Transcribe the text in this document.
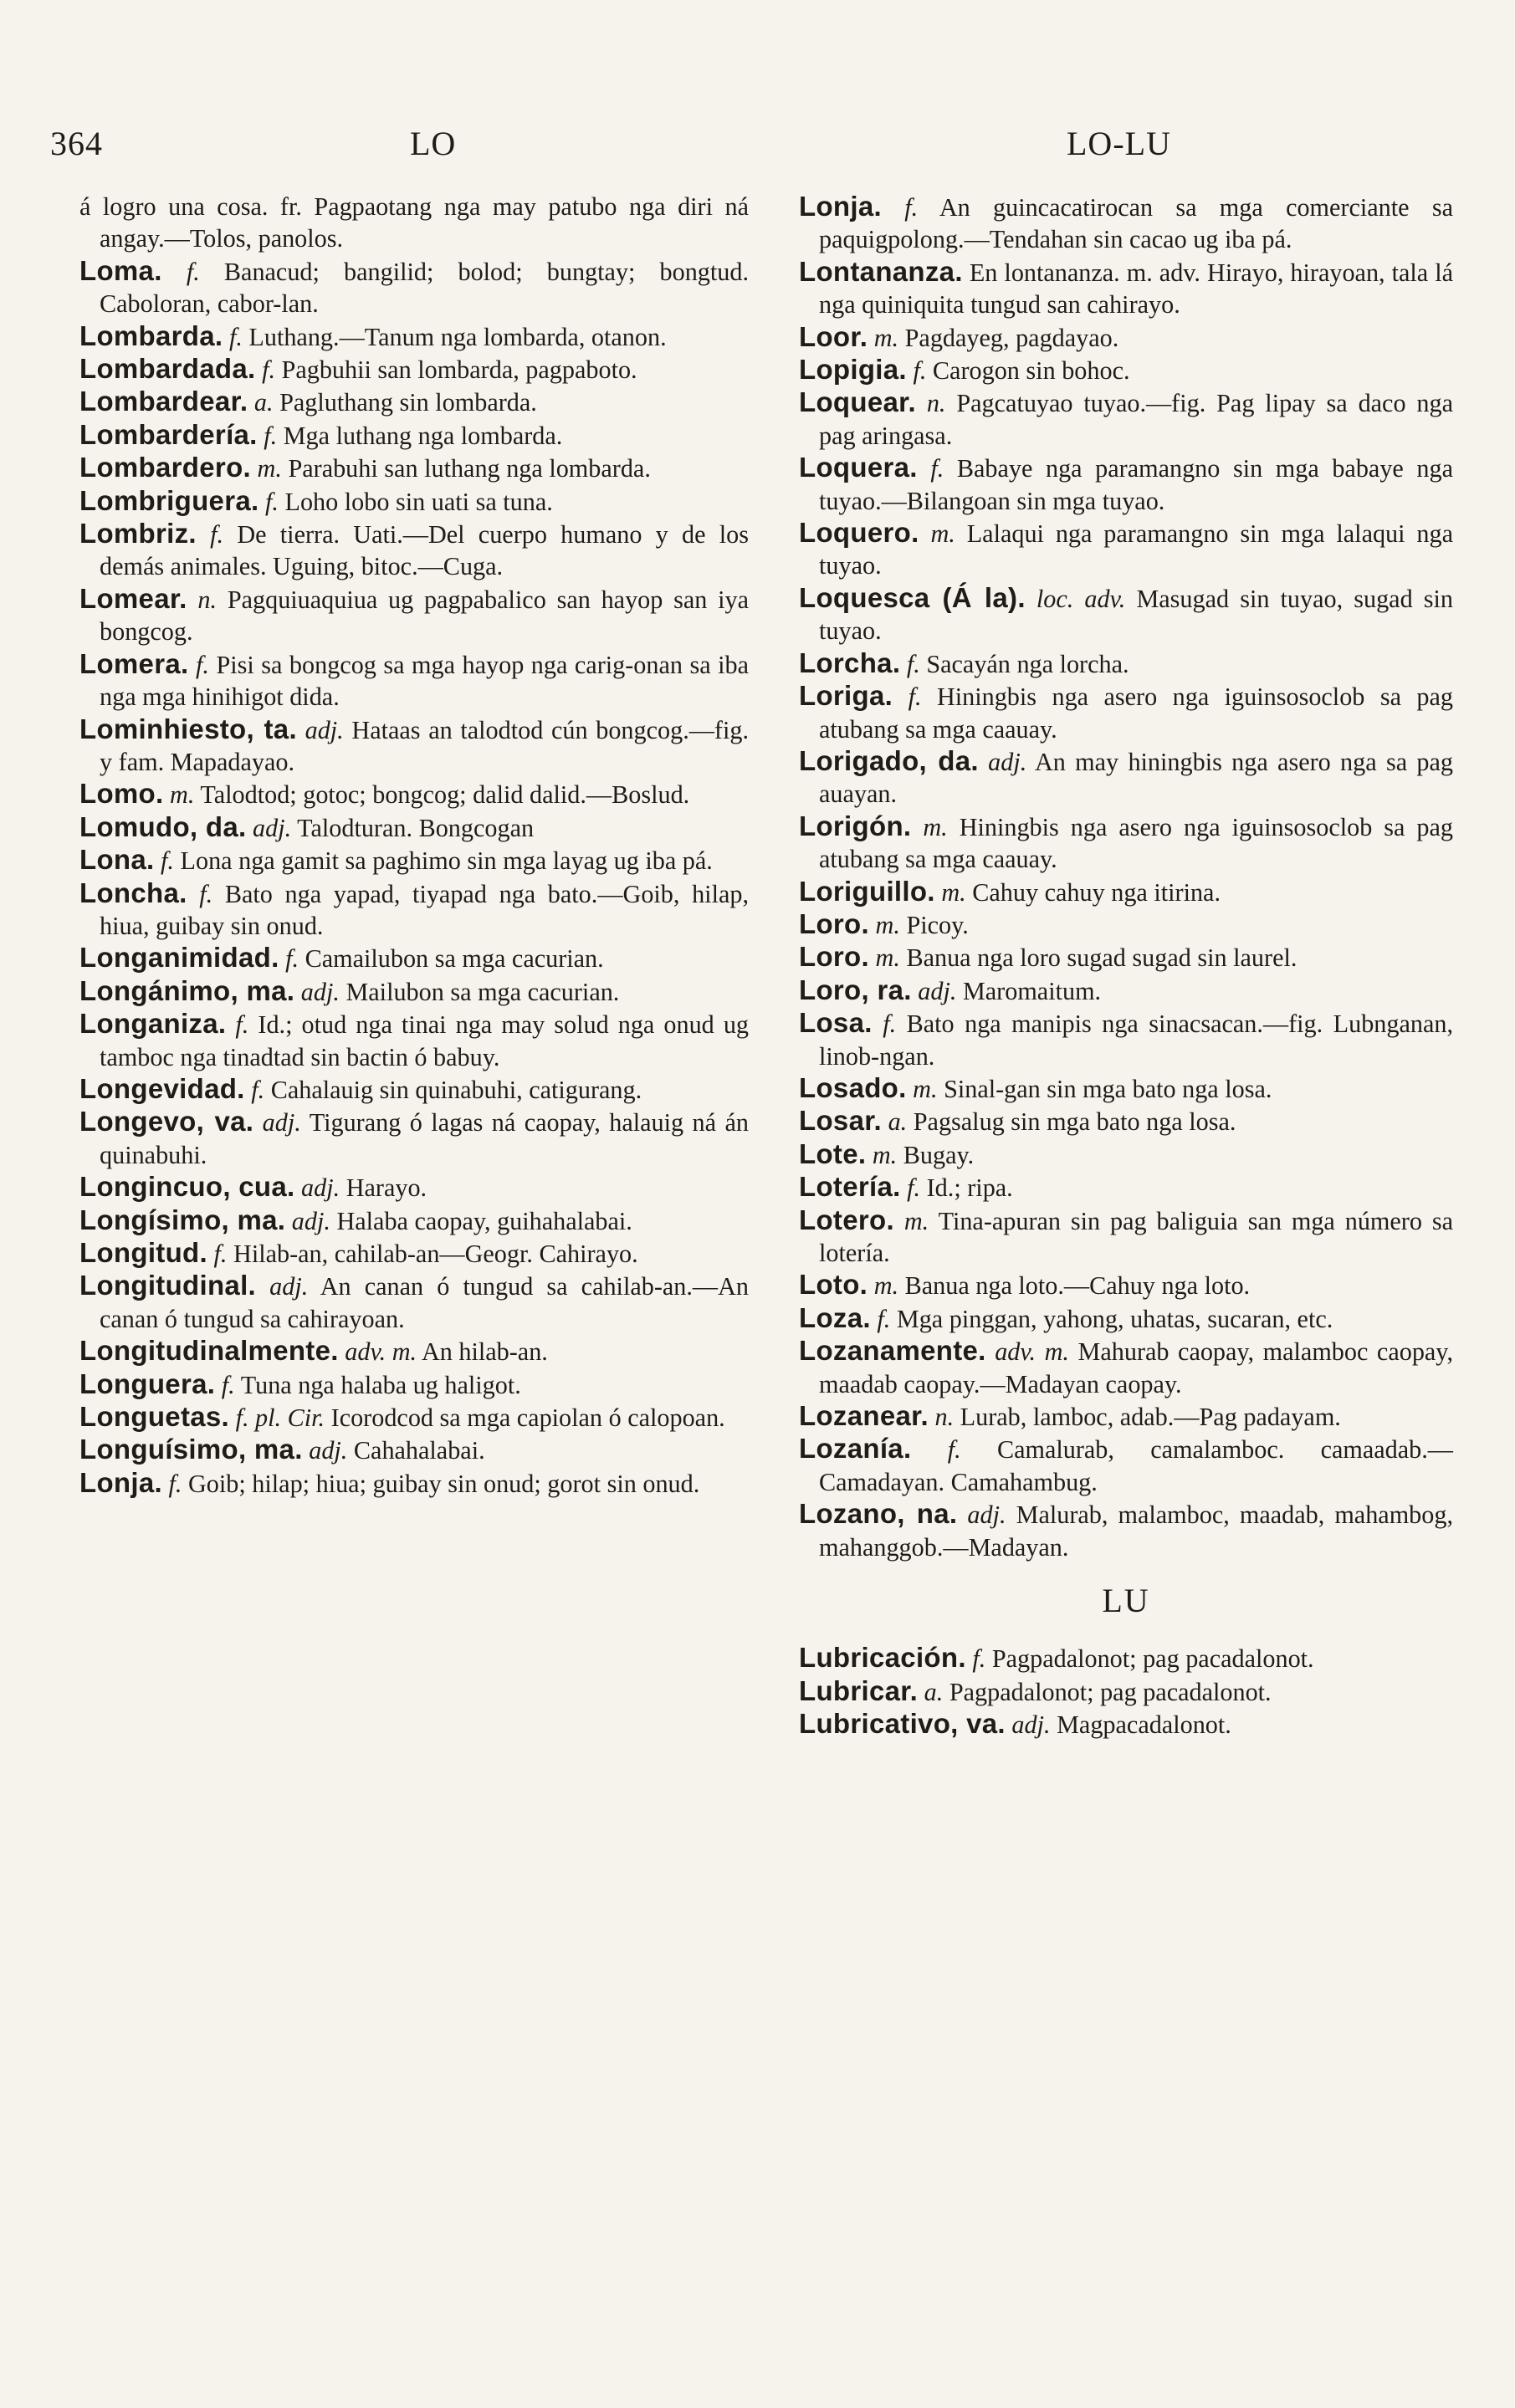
364	LO	LO-LU

á logro una cosa. fr. Pagpaotang nga may patubo nga diri ná angay.—Tolos, panolos.

Loma. f. Banacud; bangilid; bolod; bungtay; bongtud. Caboloran, cabor-lan.

Lombarda. f. Luthang.—Tanum nga lombarda, otanon.

Lombardada. f. Pagbuhii san lombarda, pagpaboto.

Lombardear. a. Pagluthang sin lombarda.

Lombardería. f. Mga luthang nga lombarda.

Lombardero. m. Parabuhi san luthang nga lombarda.

Lombriguera. f. Loho lobo sin uati sa tuna.

Lombriz. f. De tierra. Uati.—Del cuerpo humano y de los demás animales. Uguing, bitoc.—Cuga.

Lomear. n. Pagquiuaquiua ug pagpabalico san hayop san iya bongcog.

Lomera. f. Pisi sa bongcog sa mga hayop nga carig-onan sa iba nga mga hinihigot dida.

Lominhiesto, ta. adj. Hataas an talodtod cún bongcog.—fig. y fam. Mapadayao.

Lomo. m. Talodtod; gotoc; bongcog; dalid dalid.—Boslud.

Lomudo, da. adj. Talodturan. Bongcogan

Lona. f. Lona nga gamit sa paghimo sin mga layag ug iba pá.

Loncha. f. Bato nga yapad, tiyapad nga bato.—Goib, hilap, hiua, guibay sin onud.

Longanimidad. f. Camailubon sa mga cacurian.

Longánimo, ma. adj. Mailubon sa mga cacurian.

Longaniza. f. Id.; otud nga tinai nga may solud nga onud ug tamboc nga tinadtad sin bactin ó babuy.

Longevidad. f. Cahalauig sin quinabuhi, catigurang.

Longevo, va. adj. Tigurang ó lagas ná caopay, halauig ná án quinabuhi.

Longincuo, cua. adj. Harayo.

Longísimo, ma. adj. Halaba caopay, guihahalabai.

Longitud. f. Hilab-an, cahilab-an—Geogr. Cahirayo.

Longitudinal. adj. An canan ó tungud sa cahilab-an.—An canan ó tungud sa cahirayoan.

Longitudinalmente. adv. m. An hilab-an.

Longuera. f. Tuna nga halaba ug haligot.

Longuetas. f. pl. Cir. Icorodcod sa mga capiolan ó calopoan.

Longuísimo, ma. adj. Cahahalabai.

Lonja. f. Goib; hilap; hiua; guibay sin onud; gorot sin onud.

Lonja. f. An guincacatirocan sa mga comerciante sa paquigpolong.—Tendahan sin cacao ug iba pá.

Lontananza. En lontananza. m. adv. Hirayo, hirayoan, tala lá nga quiniquita tungud san cahirayo.

Loor. m. Pagdayeg, pagdayao.

Lopigia. f. Carogon sin bohoc.

Loquear. n. Pagcatuyao tuyao.—fig. Pag lipay sa daco nga pag aringasa.

Loquera. f. Babaye nga paramangno sin mga babaye nga tuyao.—Bilangoan sin mga tuyao.

Loquero. m. Lalaqui nga paramangno sin mga lalaqui nga tuyao.

Loquesca (Á la). loc. adv. Masugad sin tuyao, sugad sin tuyao.

Lorcha. f. Sacayán nga lorcha.

Loriga. f. Hiningbis nga asero nga iguinsosoclob sa pag atubang sa mga caauay.

Lorigado, da. adj. An may hiningbis nga asero nga sa pag auayan.

Lorigón. m. Hiningbis nga asero nga iguinsosoclob sa pag atubang sa mga caauay.

Loriguillo. m. Cahuy cahuy nga itirina.

Loro. m. Picoy.

Loro. m. Banua nga loro sugad sugad sin laurel.

Loro, ra. adj. Maromaitum.

Losa. f. Bato nga manipis nga sinacsacan.—fig. Lubnganan, linob-ngan.

Losado. m. Sinal-gan sin mga bato nga losa.

Losar. a. Pagsalug sin mga bato nga losa.

Lote. m. Bugay.

Lotería. f. Id.; ripa.

Lotero. m. Tina-apuran sin pag baliguia san mga número sa lotería.

Loto. m. Banua nga loto.—Cahuy nga loto.

Loza. f. Mga pinggan, yahong, uhatas, sucaran, etc.

Lozanamente. adv. m. Mahurab caopay, malamboc caopay, maadab caopay.—Madayan caopay.

Lozanear. n. Lurab, lamboc, adab.—Pag padayam.

Lozanía. f. Camalurab, camalamboc. camaadab.—Camadayan. Camahambug.

Lozano, na. adj. Malurab, malamboc, maadab, mahambog, mahanggob.—Madayan.

LU

Lubricación. f. Pagpadalonot; pag pacadalonot.

Lubricar. a. Pagpadalonot; pag pacadalonot.

Lubricativo, va. adj. Magpacadalonot.
